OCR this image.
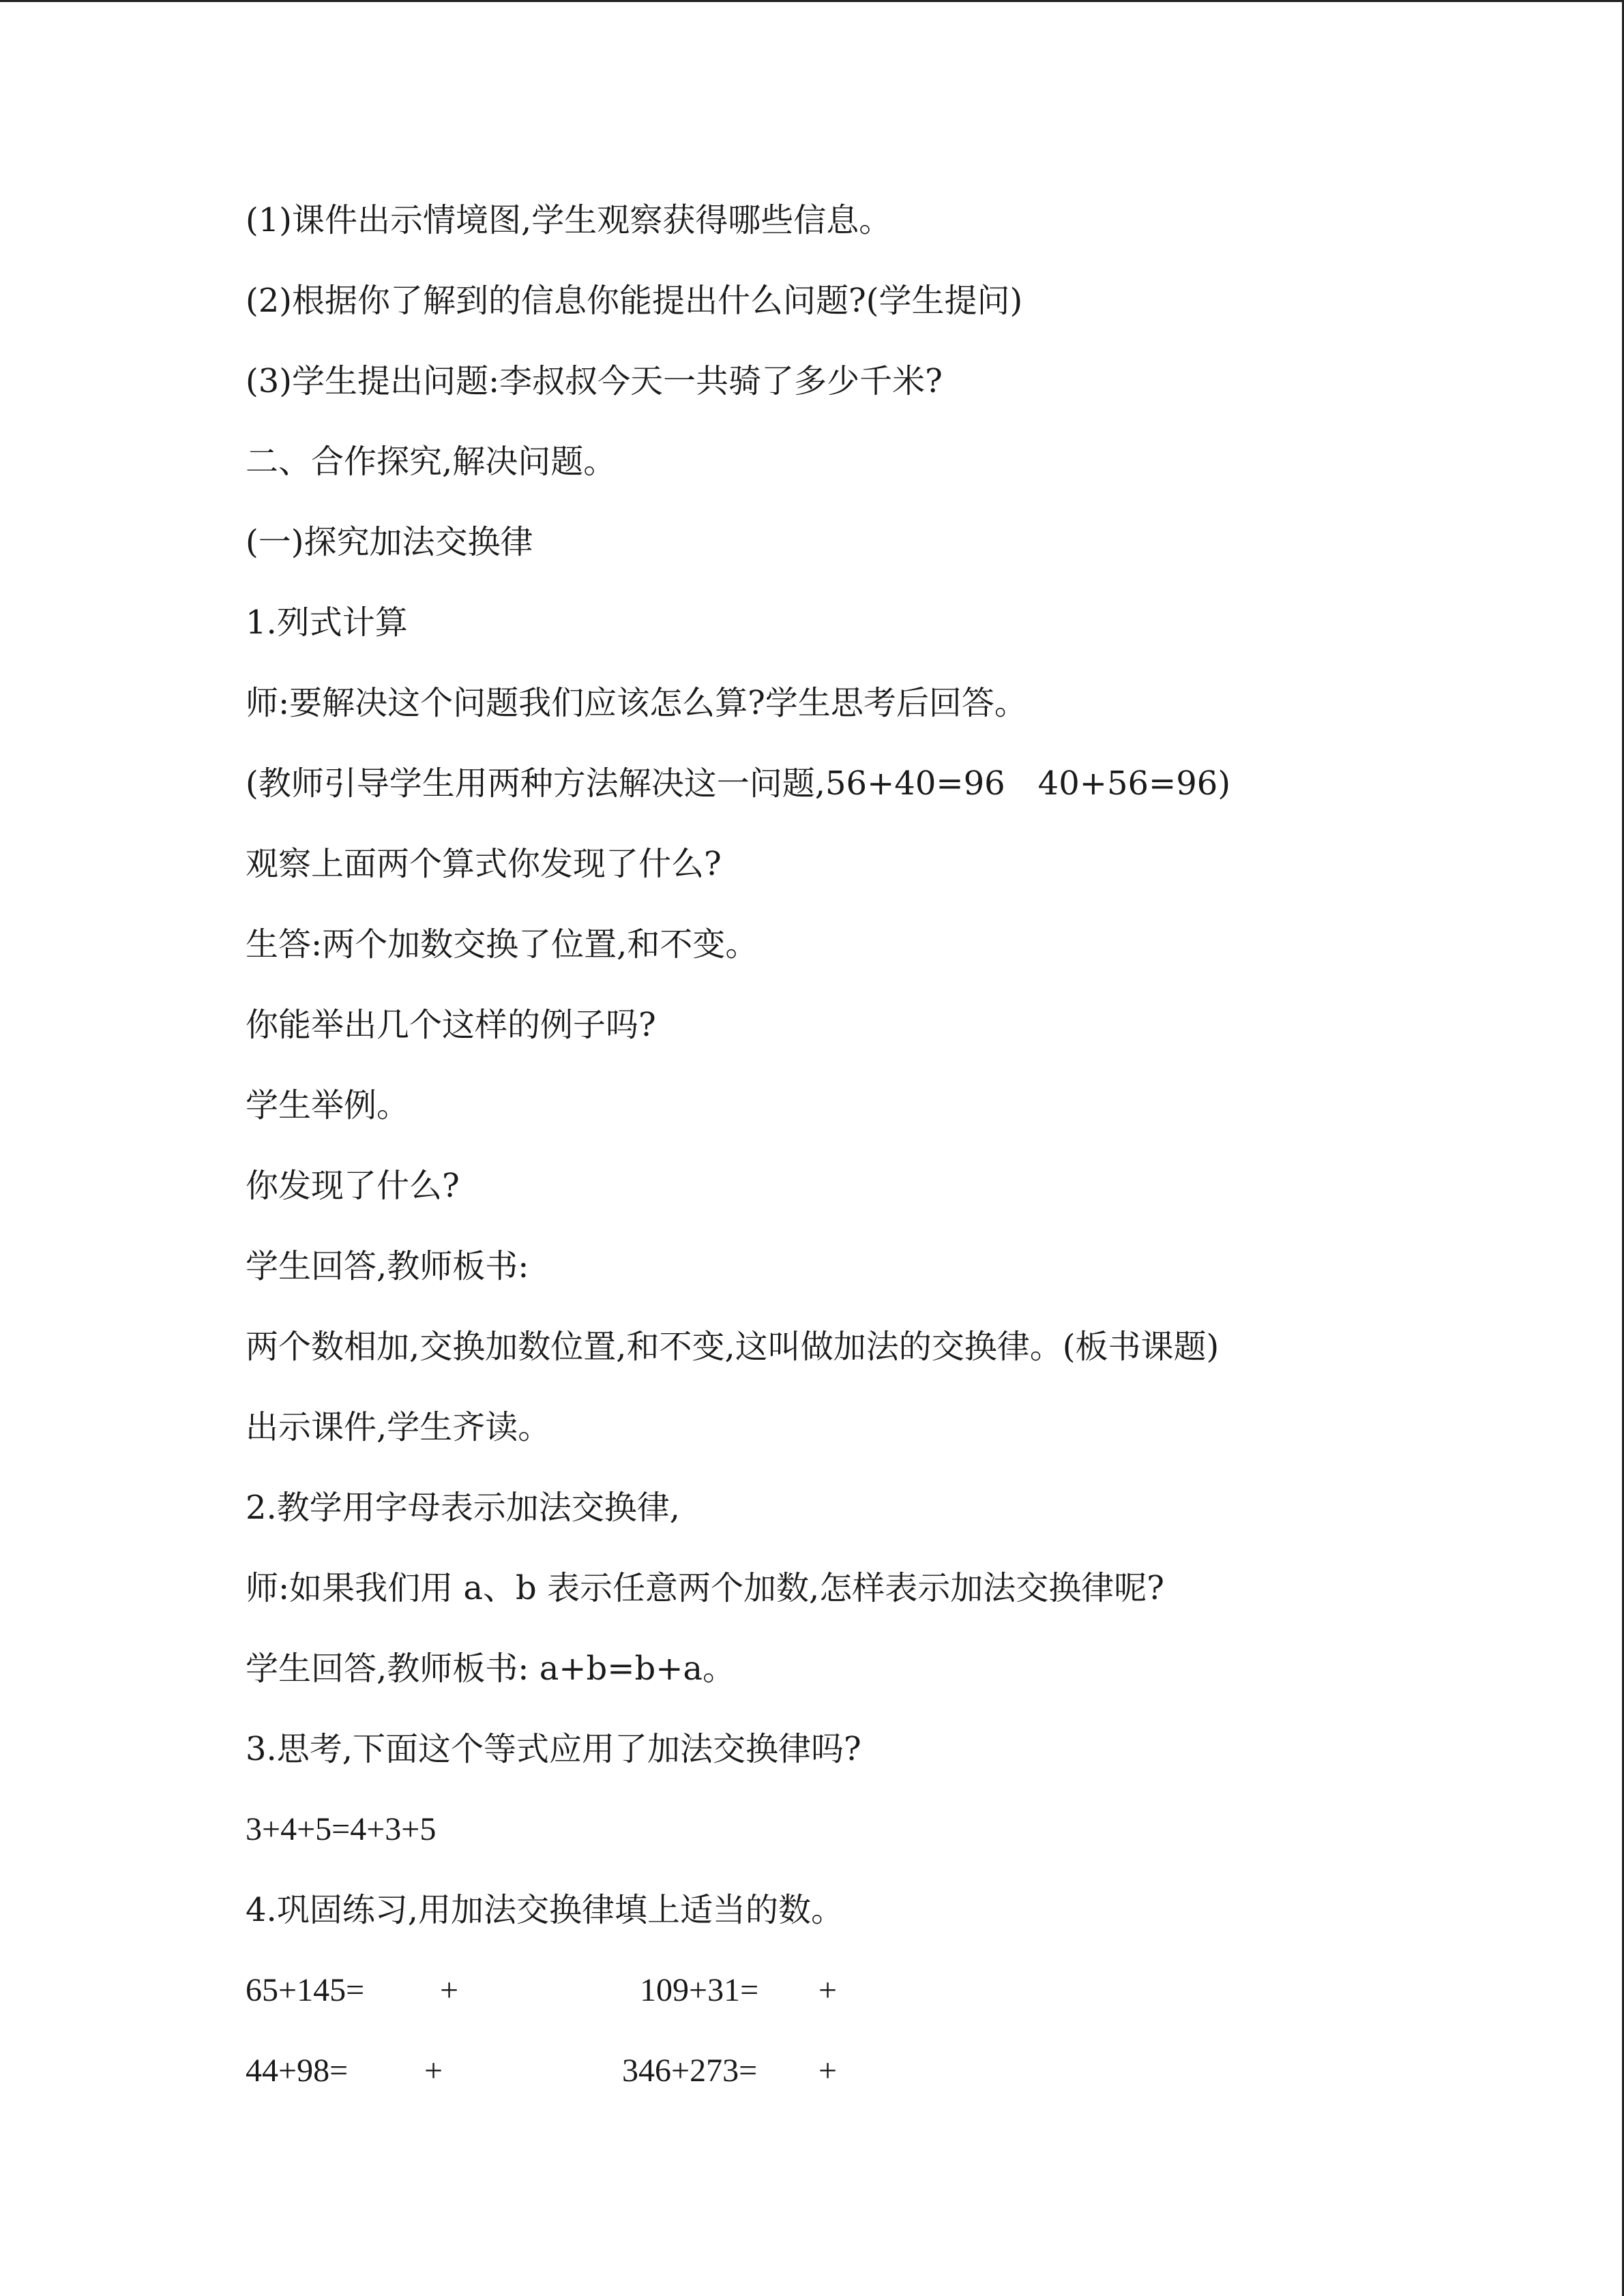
(1)课件出示情境图,学生观察获得哪些信息。
(2)根据你了解到的信息你能提出什么问题?(学生提问)
(3)学生提出问题:李叔叔今天一共骑了多少千米?
二、合作探究,解决问题。
(一)探究加法交换律
1.列式计算
师:要解决这个问题我们应该怎么算?学生思考后回答。
(教师引导学生用两种方法解决这一问题,56+40=96　40+56=96)
观察上面两个算式你发现了什么?
生答:两个加数交换了位置,和不变。
你能举出几个这样的例子吗?
学生举例。
你发现了什么?
学生回答,教师板书:
两个数相加,交换加数位置,和不变,这叫做加法的交换律。(板书课题)
出示课件,学生齐读。
2.教学用字母表示加法交换律,
师:如果我们用 a、b 表示任意两个加数,怎样表示加法交换律呢?
学生回答,教师板书: a+b=b+a。
3.思考,下面这个等式应用了加法交换律吗?
3+4+5=4+3+5
4.巩固练习,用加法交换律填上适当的数。
65+145= +	109+31= +
44+98= +	346+273= +
